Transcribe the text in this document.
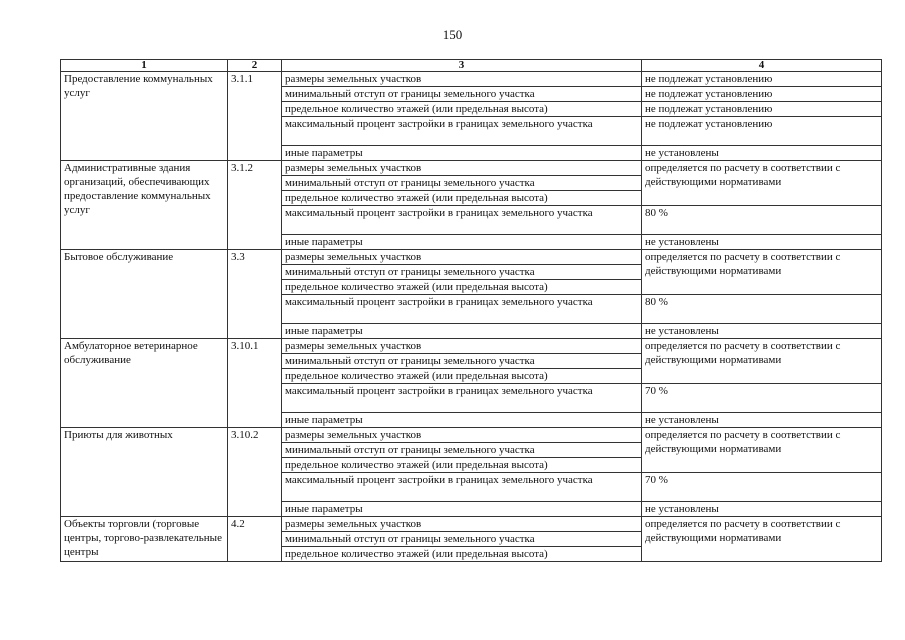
150
1	2	3	4
Предоставление коммунальных услуг	3.1.1	размеры земельных участков	не подлежат установлению
		минимальный отступ от границы земельного участка	не подлежат установлению
		предельное количество этажей (или предельная высота)	не подлежат установлению
		максимальный процент застройки в границах земельного участка	не подлежат установлению
		иные параметры	не установлены
Административные здания организаций, обеспечивающих предоставление коммунальных услуг	3.1.2	размеры земельных участков	определяется по расчету в соответствии с действующими нормативами
		минимальный отступ от границы земельного участка	
		предельное количество этажей (или предельная высота)	
		максимальный процент застройки в границах земельного участка	80 %
		иные параметры	не установлены
Бытовое обслуживание	3.3	размеры земельных участков	определяется по расчету в соответствии с действующими нормативами
		минимальный отступ от границы земельного участка	
		предельное количество этажей (или предельная высота)	
		максимальный процент застройки в границах земельного участка	80 %
		иные параметры	не установлены
Амбулаторное ветеринарное обслуживание	3.10.1	размеры земельных участков	определяется по расчету в соответствии с действующими нормативами
		минимальный отступ от границы земельного участка	
		предельное количество этажей (или предельная высота)	
		максимальный процент застройки в границах земельного участка	70 %
		иные параметры	не установлены
Приюты для животных	3.10.2	размеры земельных участков	определяется по расчету в соответствии с действующими нормативами
		минимальный отступ от границы земельного участка	
		предельное количество этажей (или предельная высота)	
		максимальный процент застройки в границах земельного участка	70 %
		иные параметры	не установлены
Объекты торговли (торговые центры, торгово-развлекательные центры	4.2	размеры земельных участков	определяется по расчету в соответствии с действующими нормативами
		минимальный отступ от границы земельного участка	
		предельное количество этажей (или предельная высота)	
